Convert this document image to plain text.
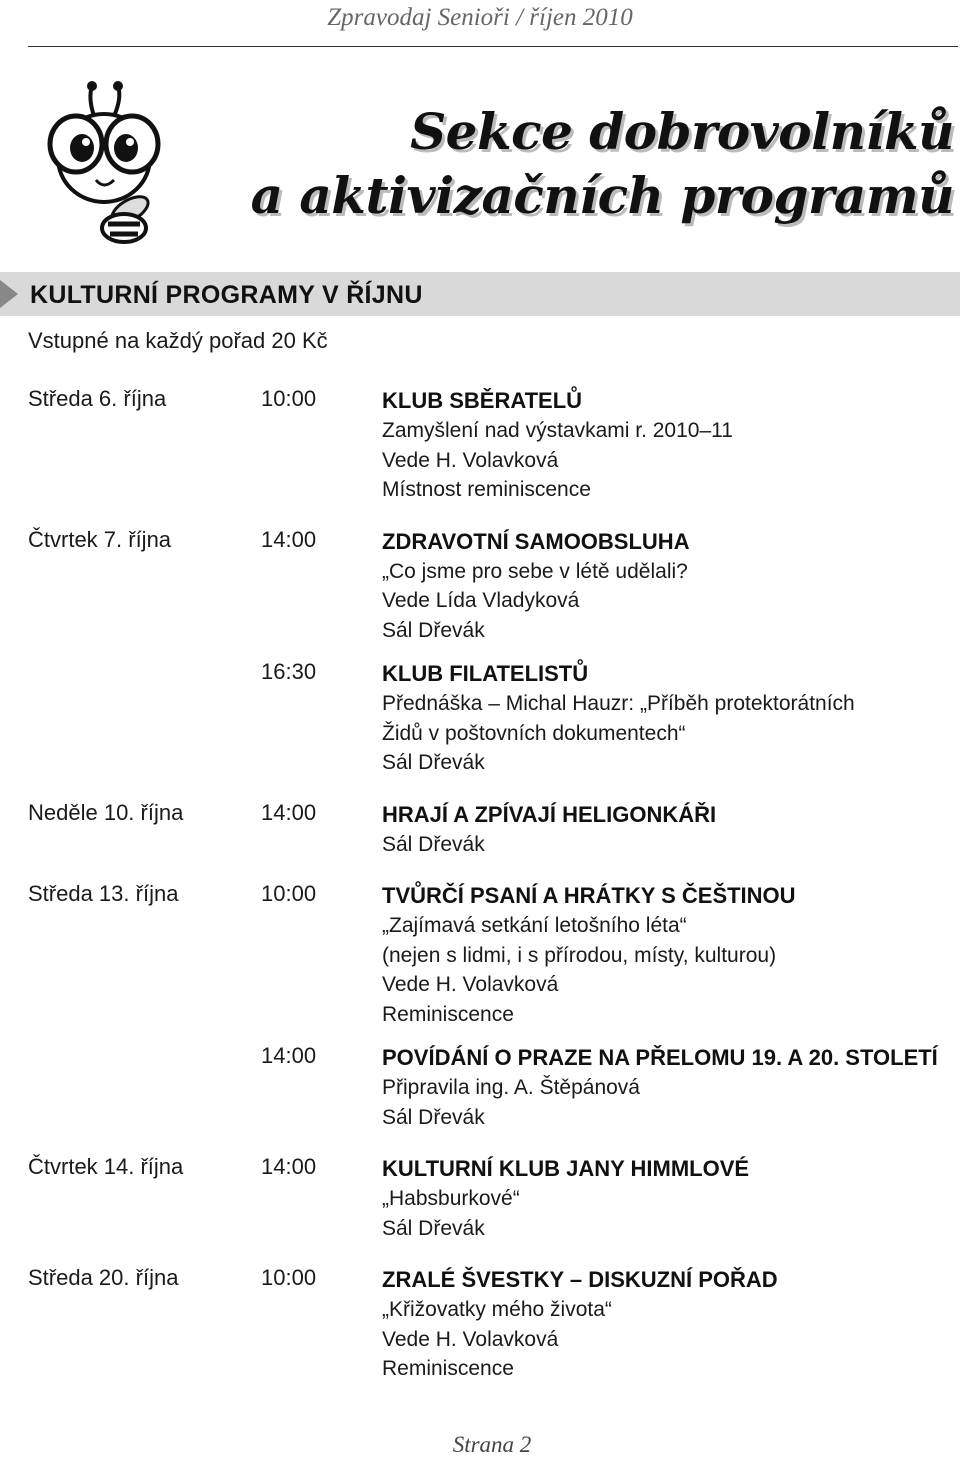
Zpravodaj Senioři / říjen 2010
Sekce dobrovolníků
a aktivizačních programů
KULTURNÍ PROGRAMY V ŘÍJNU
Vstupné na každý pořad 20 Kč
Středa 6. října	10:00	KLUB SBĚRATELŮ
Zamyšlení nad výstavkami r. 2010–11
Vede H. Volavková
Místnost reminiscence
Čtvrtek 7. října	14:00	ZDRAVOTNÍ SAMOOBSLUHA
„Co jsme pro sebe v létě udělali?
Vede Lída Vladyková
Sál Dřevák
16:30	KLUB FILATELISTŮ
Přednáška – Michal Hauzr: „Příběh protektorátních
Židů v poštovních dokumentech“
Sál Dřevák
Neděle 10. října	14:00	HRAJÍ A ZPÍVAJÍ HELIGONKÁŘI
Sál Dřevák
Středa 13. října	10:00	TVŮRČÍ PSANÍ A HRÁTKY S ČEŠTINOU
„Zajímavá setkání letošního léta“
(nejen s lidmi, i s přírodou, místy, kulturou)
Vede H. Volavková
Reminiscence
14:00	POVÍDÁNÍ O PRAZE NA PŘELOMU 19. A 20. STOLETÍ
Připravila ing. A. Štěpánová
Sál Dřevák
Čtvrtek 14. října	14:00	KULTURNÍ KLUB JANY HIMMLOVÉ
„Habsburkové“
Sál Dřevák
Středa 20. října	10:00	ZRALÉ ŠVESTKY – DISKUZNÍ POŘAD
„Křižovatky mého života“
Vede H. Volavková
Reminiscence
Strana 2
